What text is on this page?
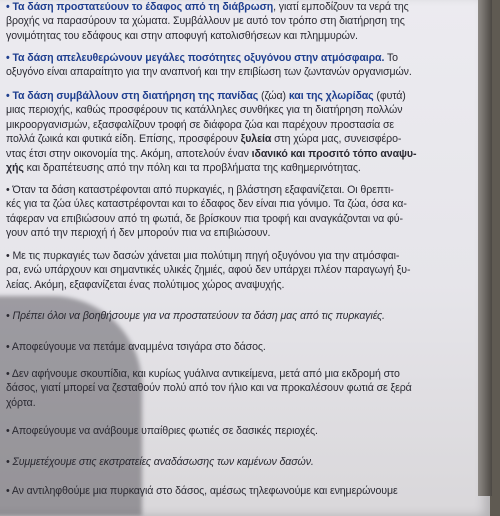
• Τα δάση προστατεύουν το έδαφος από τη διάβρωση, γιατί εμποδίζουν τα νερά της
βροχής να παρασύρουν τα χώματα. Συμβάλλουν με αυτό τον τρόπο στη διατήρηση της
γονιμότητας του εδάφους και στην αποφυγή κατολισθήσεων και πλημμυρών.
• Τα δάση απελευθερώνουν μεγάλες ποσότητες οξυγόνου στην ατμόσφαιρα. Το
οξυγόνο είναι απαραίτητο για την αναπνοή και την επιβίωση των ζωντανών οργανισμών.
• Τα δάση συμβάλλουν στη διατήρηση της πανίδας (ζώα) και της χλωρίδας (φυτά)
μιας περιοχής, καθώς προσφέρουν τις κατάλληλες συνθήκες για τη διατήρηση πολλών
μικροοργανισμών, εξασφαλίζουν τροφή σε διάφορα ζώα και παρέχουν προστασία σε
πολλά ζωικά και φυτικά είδη. Επίσης, προσφέρουν ξυλεία στη χώρα μας, συνεισφέρο-
ντας έτσι στην οικονομία της. Ακόμη, αποτελούν έναν ιδανικό και προσιτό τόπο αναψυ-
χής και δραπέτευσης από την πόλη και τα προβλήματα της καθημερινότητας.
• Όταν τα δάση καταστρέφονται από πυρκαγιές, η βλάστηση εξαφανίζεται. Οι θρεπτι-
κές για τα ζώα ύλες καταστρέφονται και το έδαφος δεν είναι πια γόνιμο. Τα ζώα, όσα κα-
τάφεραν να επιβιώσουν από τη φωτιά, δε βρίσκουν πια τροφή και αναγκάζονται να φύ-
γουν από την περιοχή ή δεν μπορούν πια να επιβιώσουν.
• Με τις πυρκαγιές των δασών χάνεται μια πολύτιμη πηγή οξυγόνου για την ατμόσφαι-
ρα, ενώ υπάρχουν και σημαντικές υλικές ζημιές, αφού δεν υπάρχει πλέον παραγωγή ξυ-
λείας. Ακόμη, εξαφανίζεται ένας πολύτιμος χώρος αναψυχής.
• Πρέπει όλοι να βοηθήσουμε για να προστατεύουν τα δάση μας από τις πυρκαγιές.
• Αποφεύγουμε να πετάμε αναμμένα τσιγάρα στο δάσος.
• Δεν αφήνουμε σκουπίδια, και κυρίως γυάλινα αντικείμενα, μετά από μια εκδρομή στο
δάσος, γιατί μπορεί να ζεσταθούν πολύ από τον ήλιο και να προκαλέσουν φωτιά σε ξερά
χόρτα.
• Αποφεύγουμε να ανάβουμε υπαίθριες φωτιές σε δασικές περιοχές.
• Συμμετέχουμε στις εκστρατείες αναδάσωσης των καμένων δασών.
• Αν αντιληφθούμε μια πυρκαγιά στο δάσος, αμέσως τηλεφωνούμε και ενημερώνουμε
